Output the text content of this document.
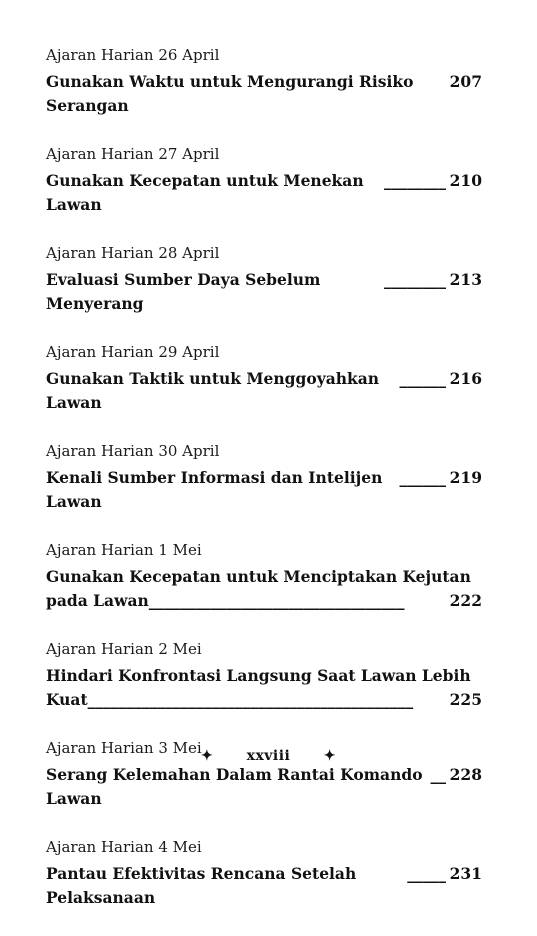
Ajaran Harian 26 April
Gunakan Waktu untuk Mengurangi Risiko Serangan
207
Ajaran Harian 27 April
Gunakan Kecepatan untuk Menekan Lawan
________ 210
Ajaran Harian 28 April
Evaluasi Sumber Daya Sebelum Menyerang
________ 213
Ajaran Harian 29 April
Gunakan Taktik untuk Menggoyahkan Lawan
______ 216
Ajaran Harian 30 April
Kenali Sumber Informasi dan Intelijen Lawan
______ 219
Ajaran Harian 1 Mei
Gunakan Kecepatan untuk Menciptakan Kejutan
pada Lawan _________________________________	222
Ajaran Harian 2 Mei
Hindari Konfrontasi Langsung Saat Lawan Lebih
Kuat __________________________________________	225
Ajaran Harian 3 Mei
Serang Kelemahan Dalam Rantai Komando Lawan
__ 228
Ajaran Harian 4 Mei
Pantau Efektivitas Rencana Setelah Pelaksanaan
_____ 231
✦ xxviii ✦
